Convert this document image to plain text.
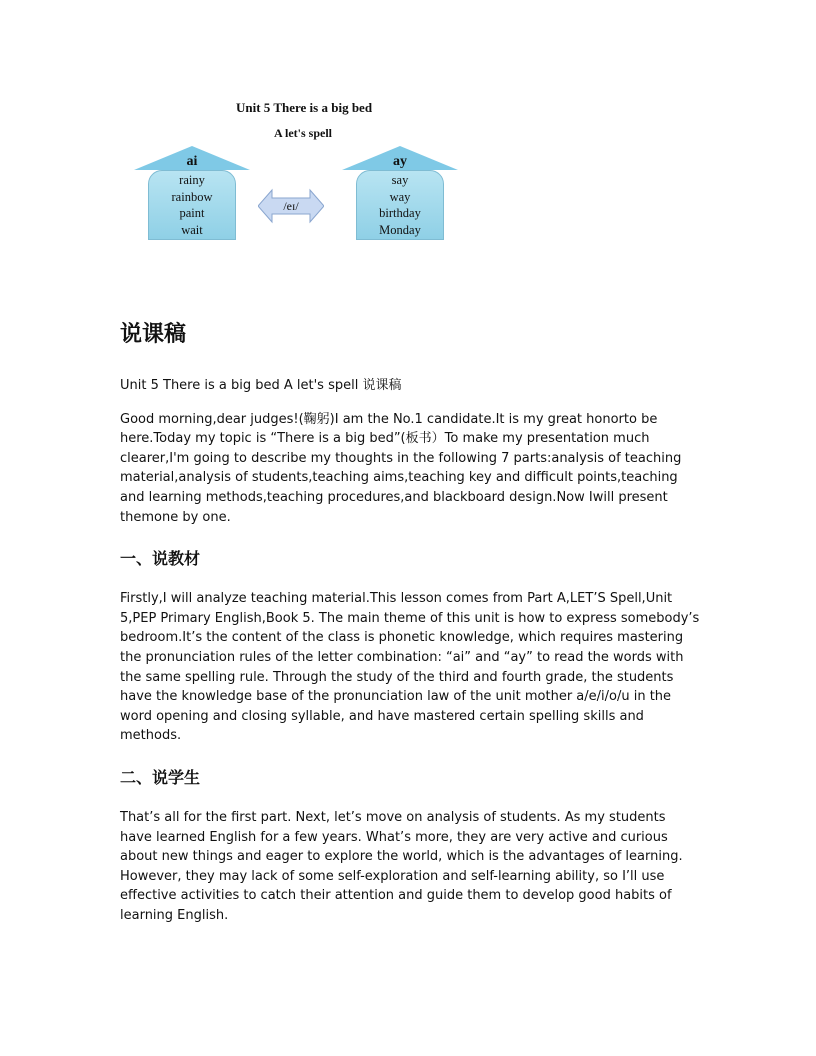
Unit 5 There is a big bed
A let's spell
ai
rainy
rainbow
paint
wait
/eɪ/
ay
say
way
birthday
Monday
说课稿

Unit 5 There is a big bed A let's spell 说课稿

Good morning,dear judges!(鞠躬)I am the No.1 candidate.It is my great honorto be here.Today my topic is “There is a big bed”(板书）To make my presentation much clearer,I'm going to describe my thoughts in the following 7 parts:analysis of teaching material,analysis of students,teaching aims,teaching key and difficult points,teaching and learning methods,teaching procedures,and blackboard design.Now Iwill present themone by one.

一、说教材

Firstly,I will analyze teaching material.This lesson comes from Part A,LET’S Spell,Unit 5,PEP Primary English,Book 5. The main theme of this unit is how to express somebody’s bedroom.It’s the content of the class is phonetic knowledge, which requires mastering the pronunciation rules of the letter combination: “ai” and “ay” to read the words with the same spelling rule. Through the study of the third and fourth grade, the students have the knowledge base of the pronunciation law of the unit mother a/e/i/o/u in the word opening and closing syllable, and have mastered certain spelling skills and methods.

二、说学生

That’s all for the first part. Next, let’s move on analysis of students. As my students have learned English for a few years. What’s more, they are very active and curious about new things and eager to explore the world, which is the advantages of learning. However, they may lack of some self-exploration and self-learning ability, so I’ll use effective activities to catch their attention and guide them to develop good habits of learning English.
